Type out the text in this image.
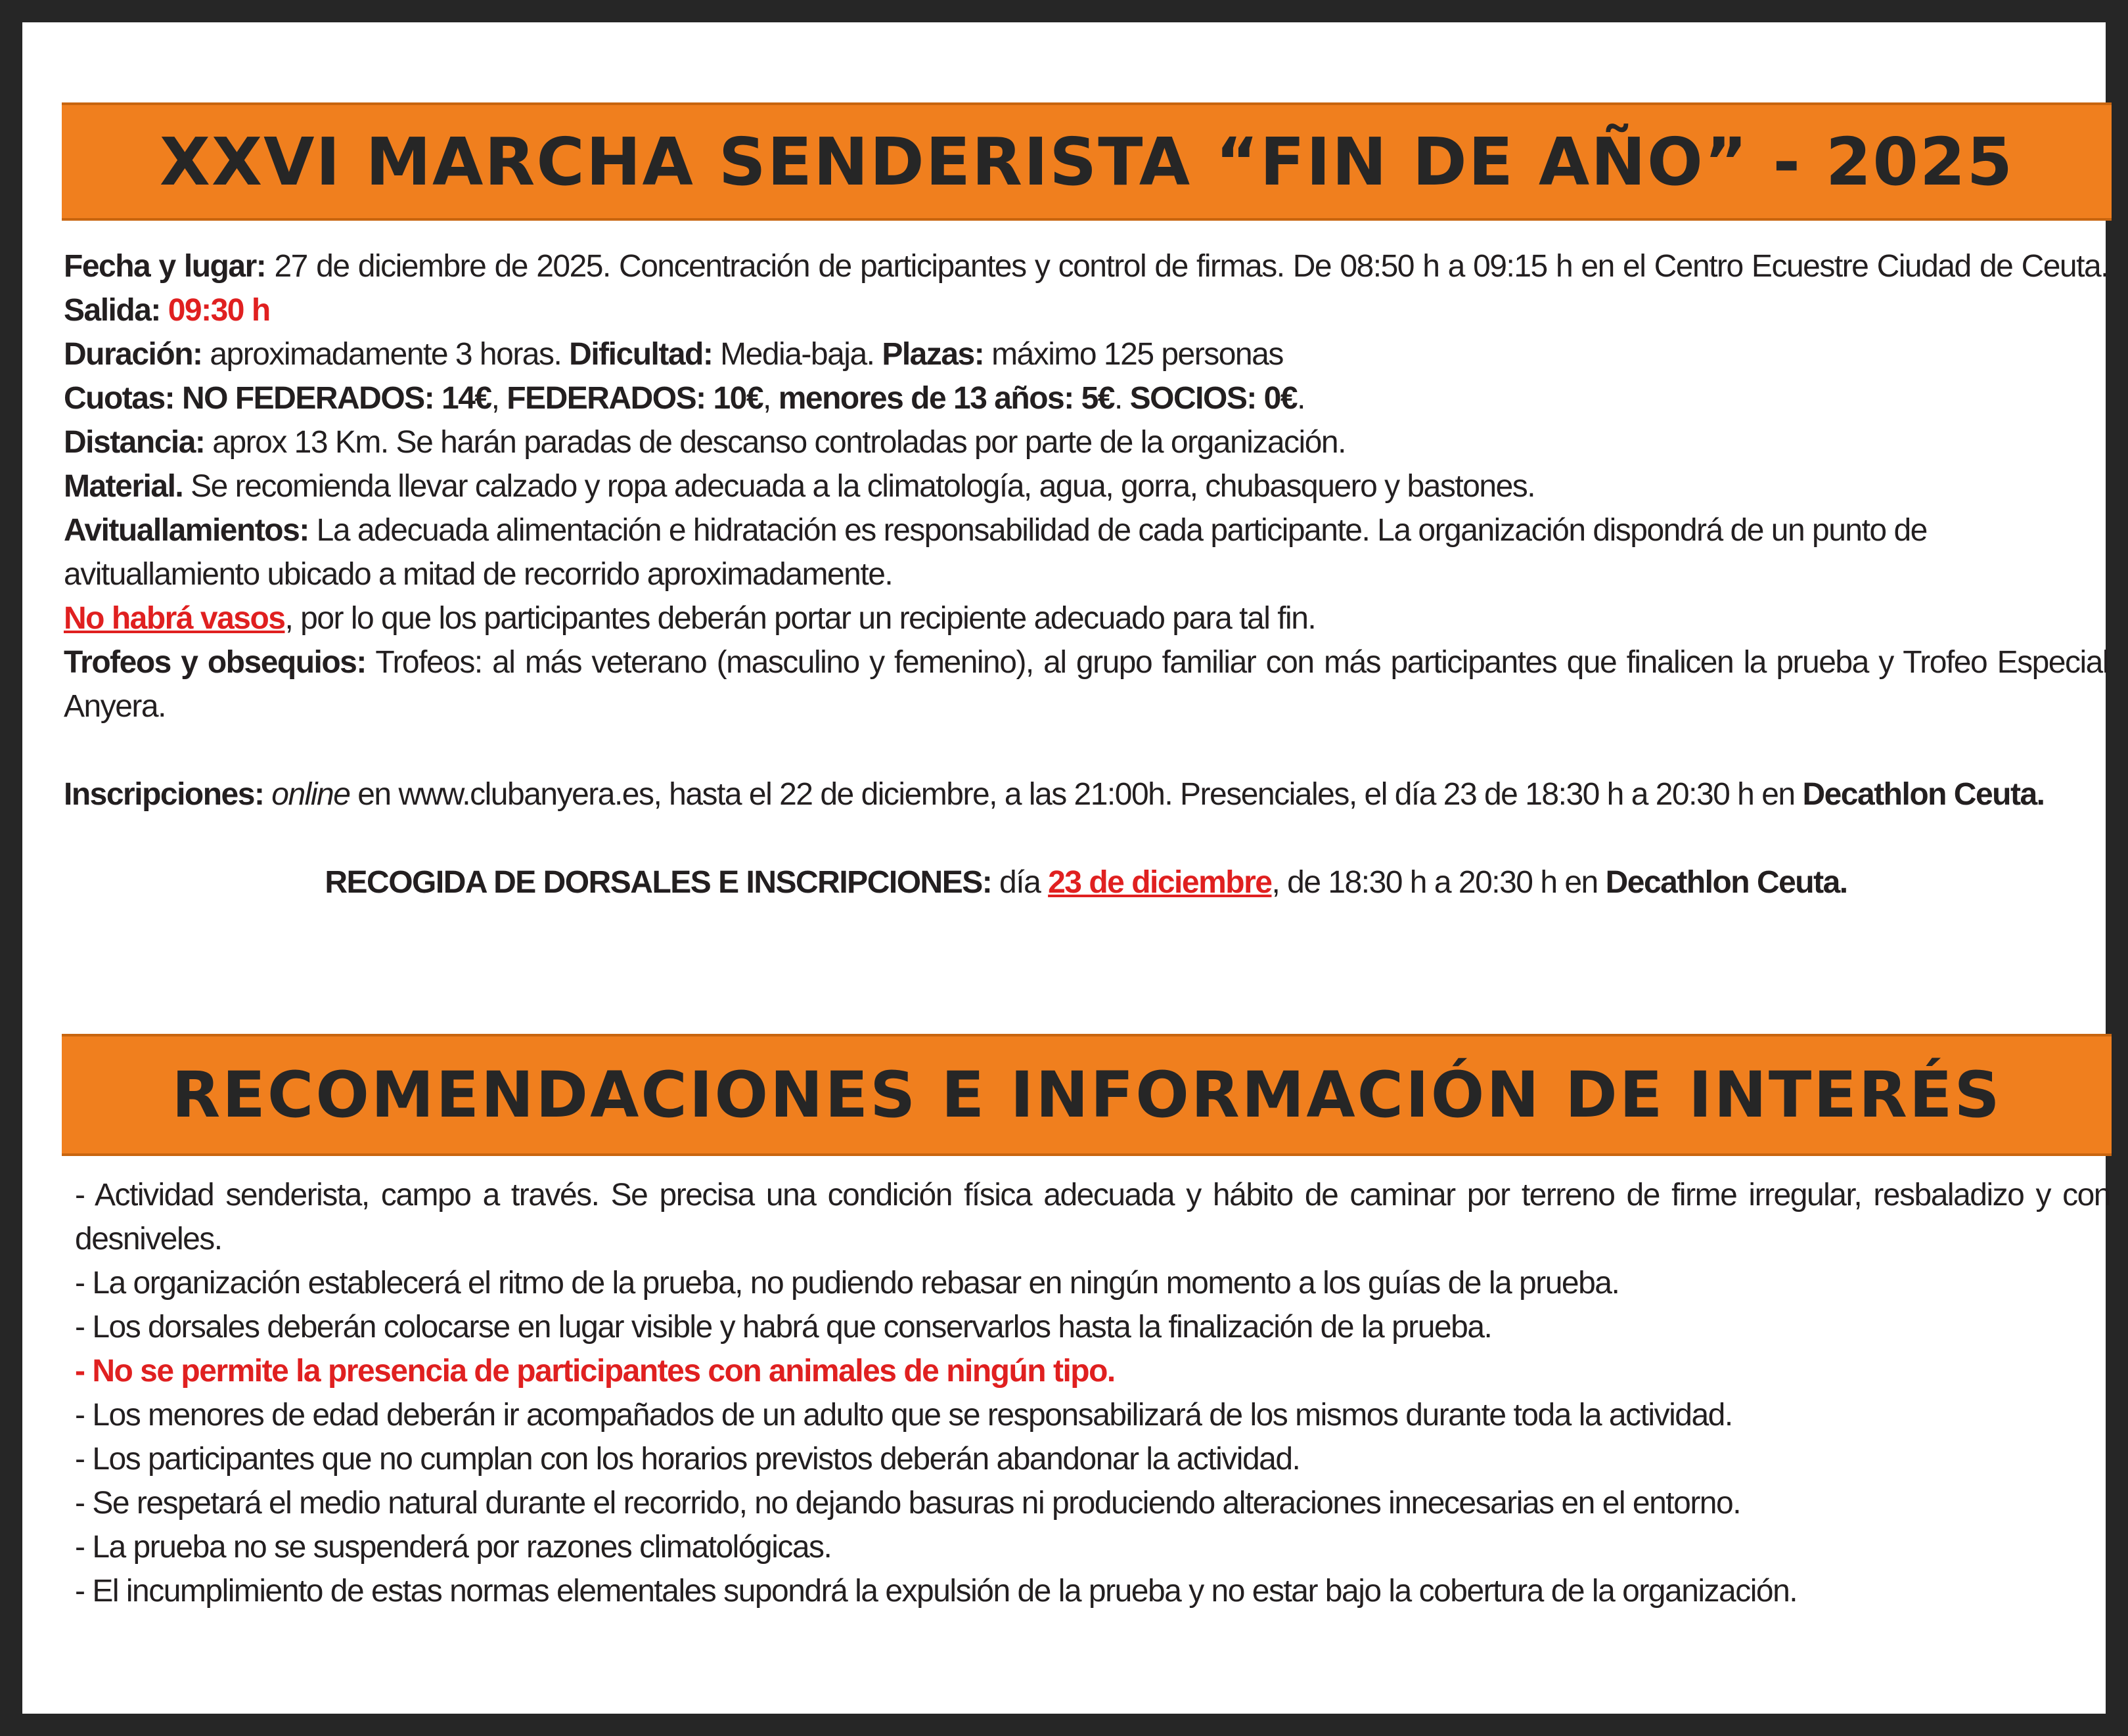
XXVI MARCHA SENDERISTA “FIN DE AÑO” - 2025
Fecha y lugar: 27 de diciembre de 2025. Concentración de participantes y control de firmas. De 08:50 h a 09:15 h en el Centro Ecuestre Ciudad de Ceuta. Salida: 09:30 h
Duración: aproximadamente 3 horas. Dificultad: Media-baja. Plazas: máximo 125 personas
Cuotas: NO FEDERADOS: 14€, FEDERADOS: 10€, menores de 13 años: 5€. SOCIOS: 0€.
Distancia: aprox 13 Km. Se harán paradas de descanso controladas por parte de la organización.
Material. Se recomienda llevar calzado y ropa adecuada a la climatología, agua, gorra, chubasquero y bastones.
Avituallamientos: La adecuada alimentación e hidratación es responsabilidad de cada participante. La organización dispondrá de un punto de avituallamiento ubicado a mitad de recorrido aproximadamente.
No habrá vasos, por lo que los participantes deberán portar un recipiente adecuado para tal fin.
Trofeos y obsequios: Trofeos: al más veterano (masculino y femenino), al grupo familiar con más participantes que finalicen la prueba y Trofeo Especial Anyera.
Inscripciones: online en www.clubanyera.es, hasta el 22 de diciembre, a las 21:00h. Presenciales, el día 23 de 18:30 h a 20:30 h en Decathlon Ceuta.
RECOGIDA DE DORSALES E INSCRIPCIONES: día 23 de diciembre, de 18:30 h a 20:30 h en Decathlon Ceuta.
RECOMENDACIONES E INFORMACIÓN DE INTERÉS
- Actividad senderista, campo a través. Se precisa una condición física adecuada y hábito de caminar por terreno de firme irregular, resbaladizo y con desniveles.
- La organización establecerá el ritmo de la prueba, no pudiendo rebasar en ningún momento a los guías de la prueba.
- Los dorsales deberán colocarse en lugar visible y habrá que conservarlos hasta la finalización de la prueba.
- No se permite la presencia de participantes con animales de ningún tipo.
- Los menores de edad deberán ir acompañados de un adulto que se responsabilizará de los mismos durante toda la actividad.
- Los participantes que no cumplan con los horarios previstos deberán abandonar la actividad.
- Se respetará el medio natural durante el recorrido, no dejando basuras ni produciendo alteraciones innecesarias en el entorno.
- La prueba no se suspenderá por razones climatológicas.
- El incumplimiento de estas normas elementales supondrá la expulsión de la prueba y no estar bajo la cobertura de la organización.
